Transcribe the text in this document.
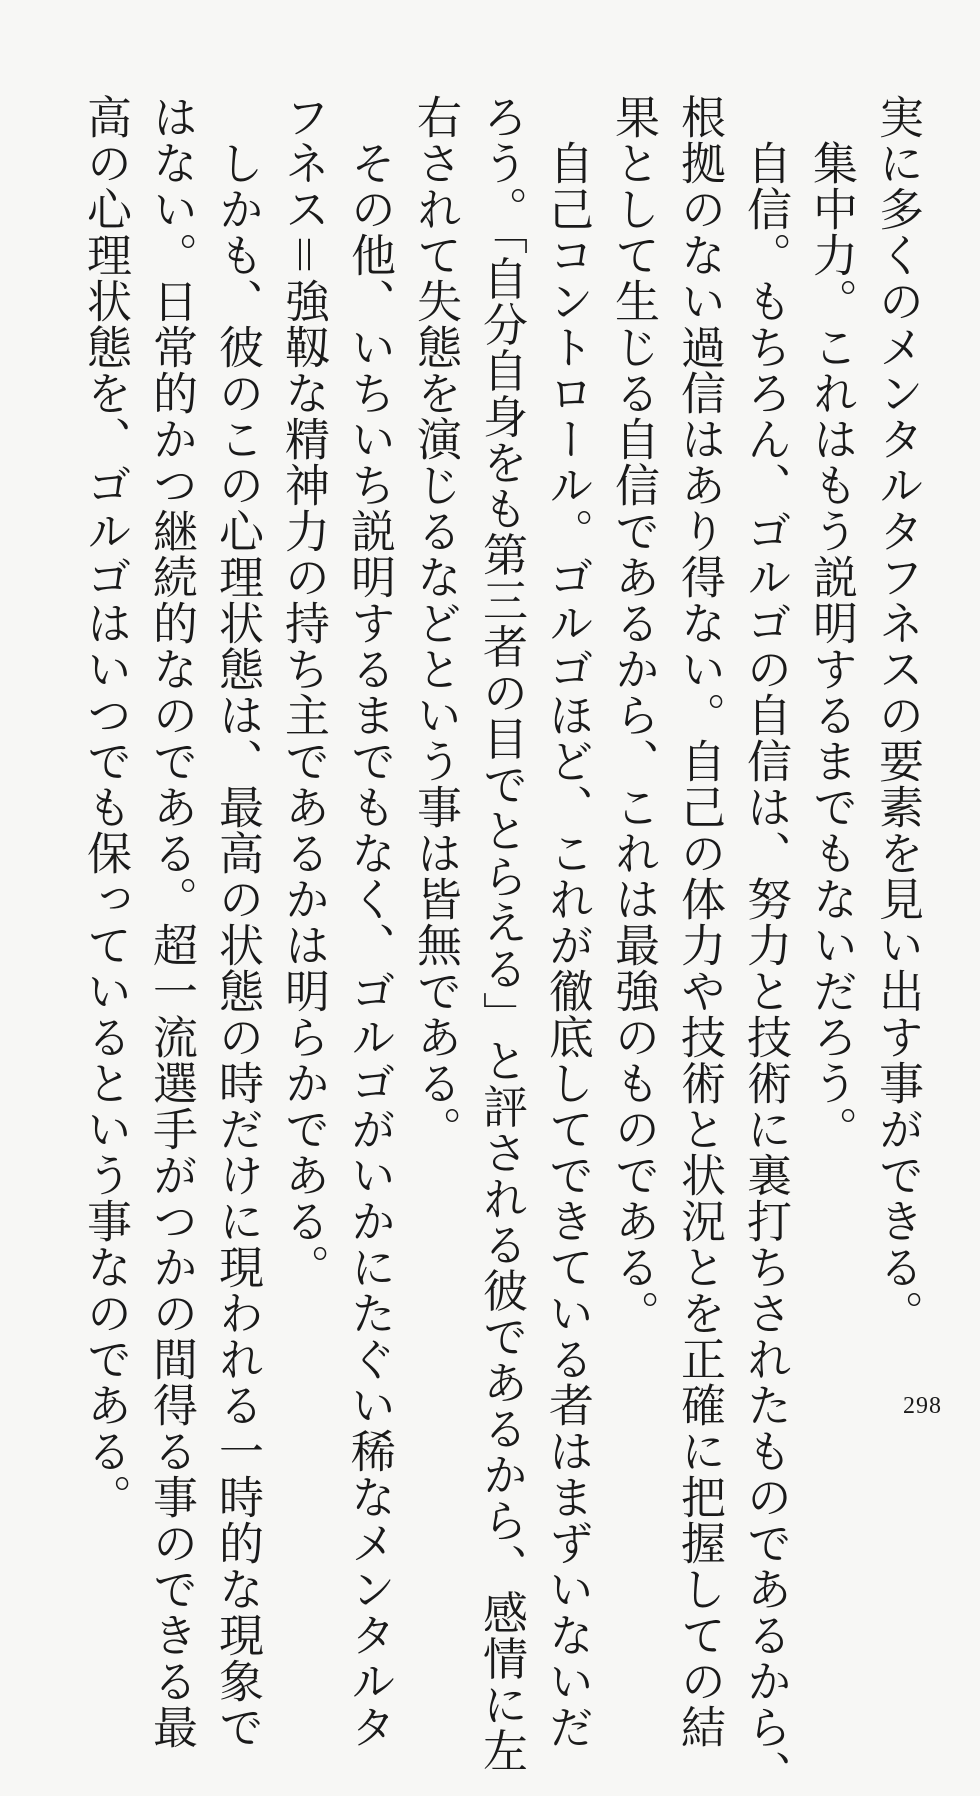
実に多くのメンタルタフネスの要素を見い出す事ができる。

　集中力。これはもう説明するまでもないだろう。

　自信。もちろん、ゴルゴの自信は、努力と技術に裏打ちされたものであるから、

根拠のない過信はあり得ない。自己の体力や技術と状況とを正確に把握しての結

果として生じる自信であるから、これは最強のものである。

　自己コントロール。ゴルゴほど、これが徹底してできている者はまずいないだ

ろう。「自分自身をも第三者の目でとらえる」と評される彼であるから、感情に左

右されて失態を演じるなどという事は皆無である。

　その他、いちいち説明するまでもなく、ゴルゴがいかにたぐい稀なメンタルタ

フネス＝強靱な精神力の持ち主であるかは明らかである。

　しかも、彼のこの心理状態は、最高の状態の時だけに現われる一時的な現象で

はない。日常的かつ継続的なのである。超一流選手がつかの間得る事のできる最

高の心理状態を、ゴルゴはいつでも保っているという事なのである。	298
